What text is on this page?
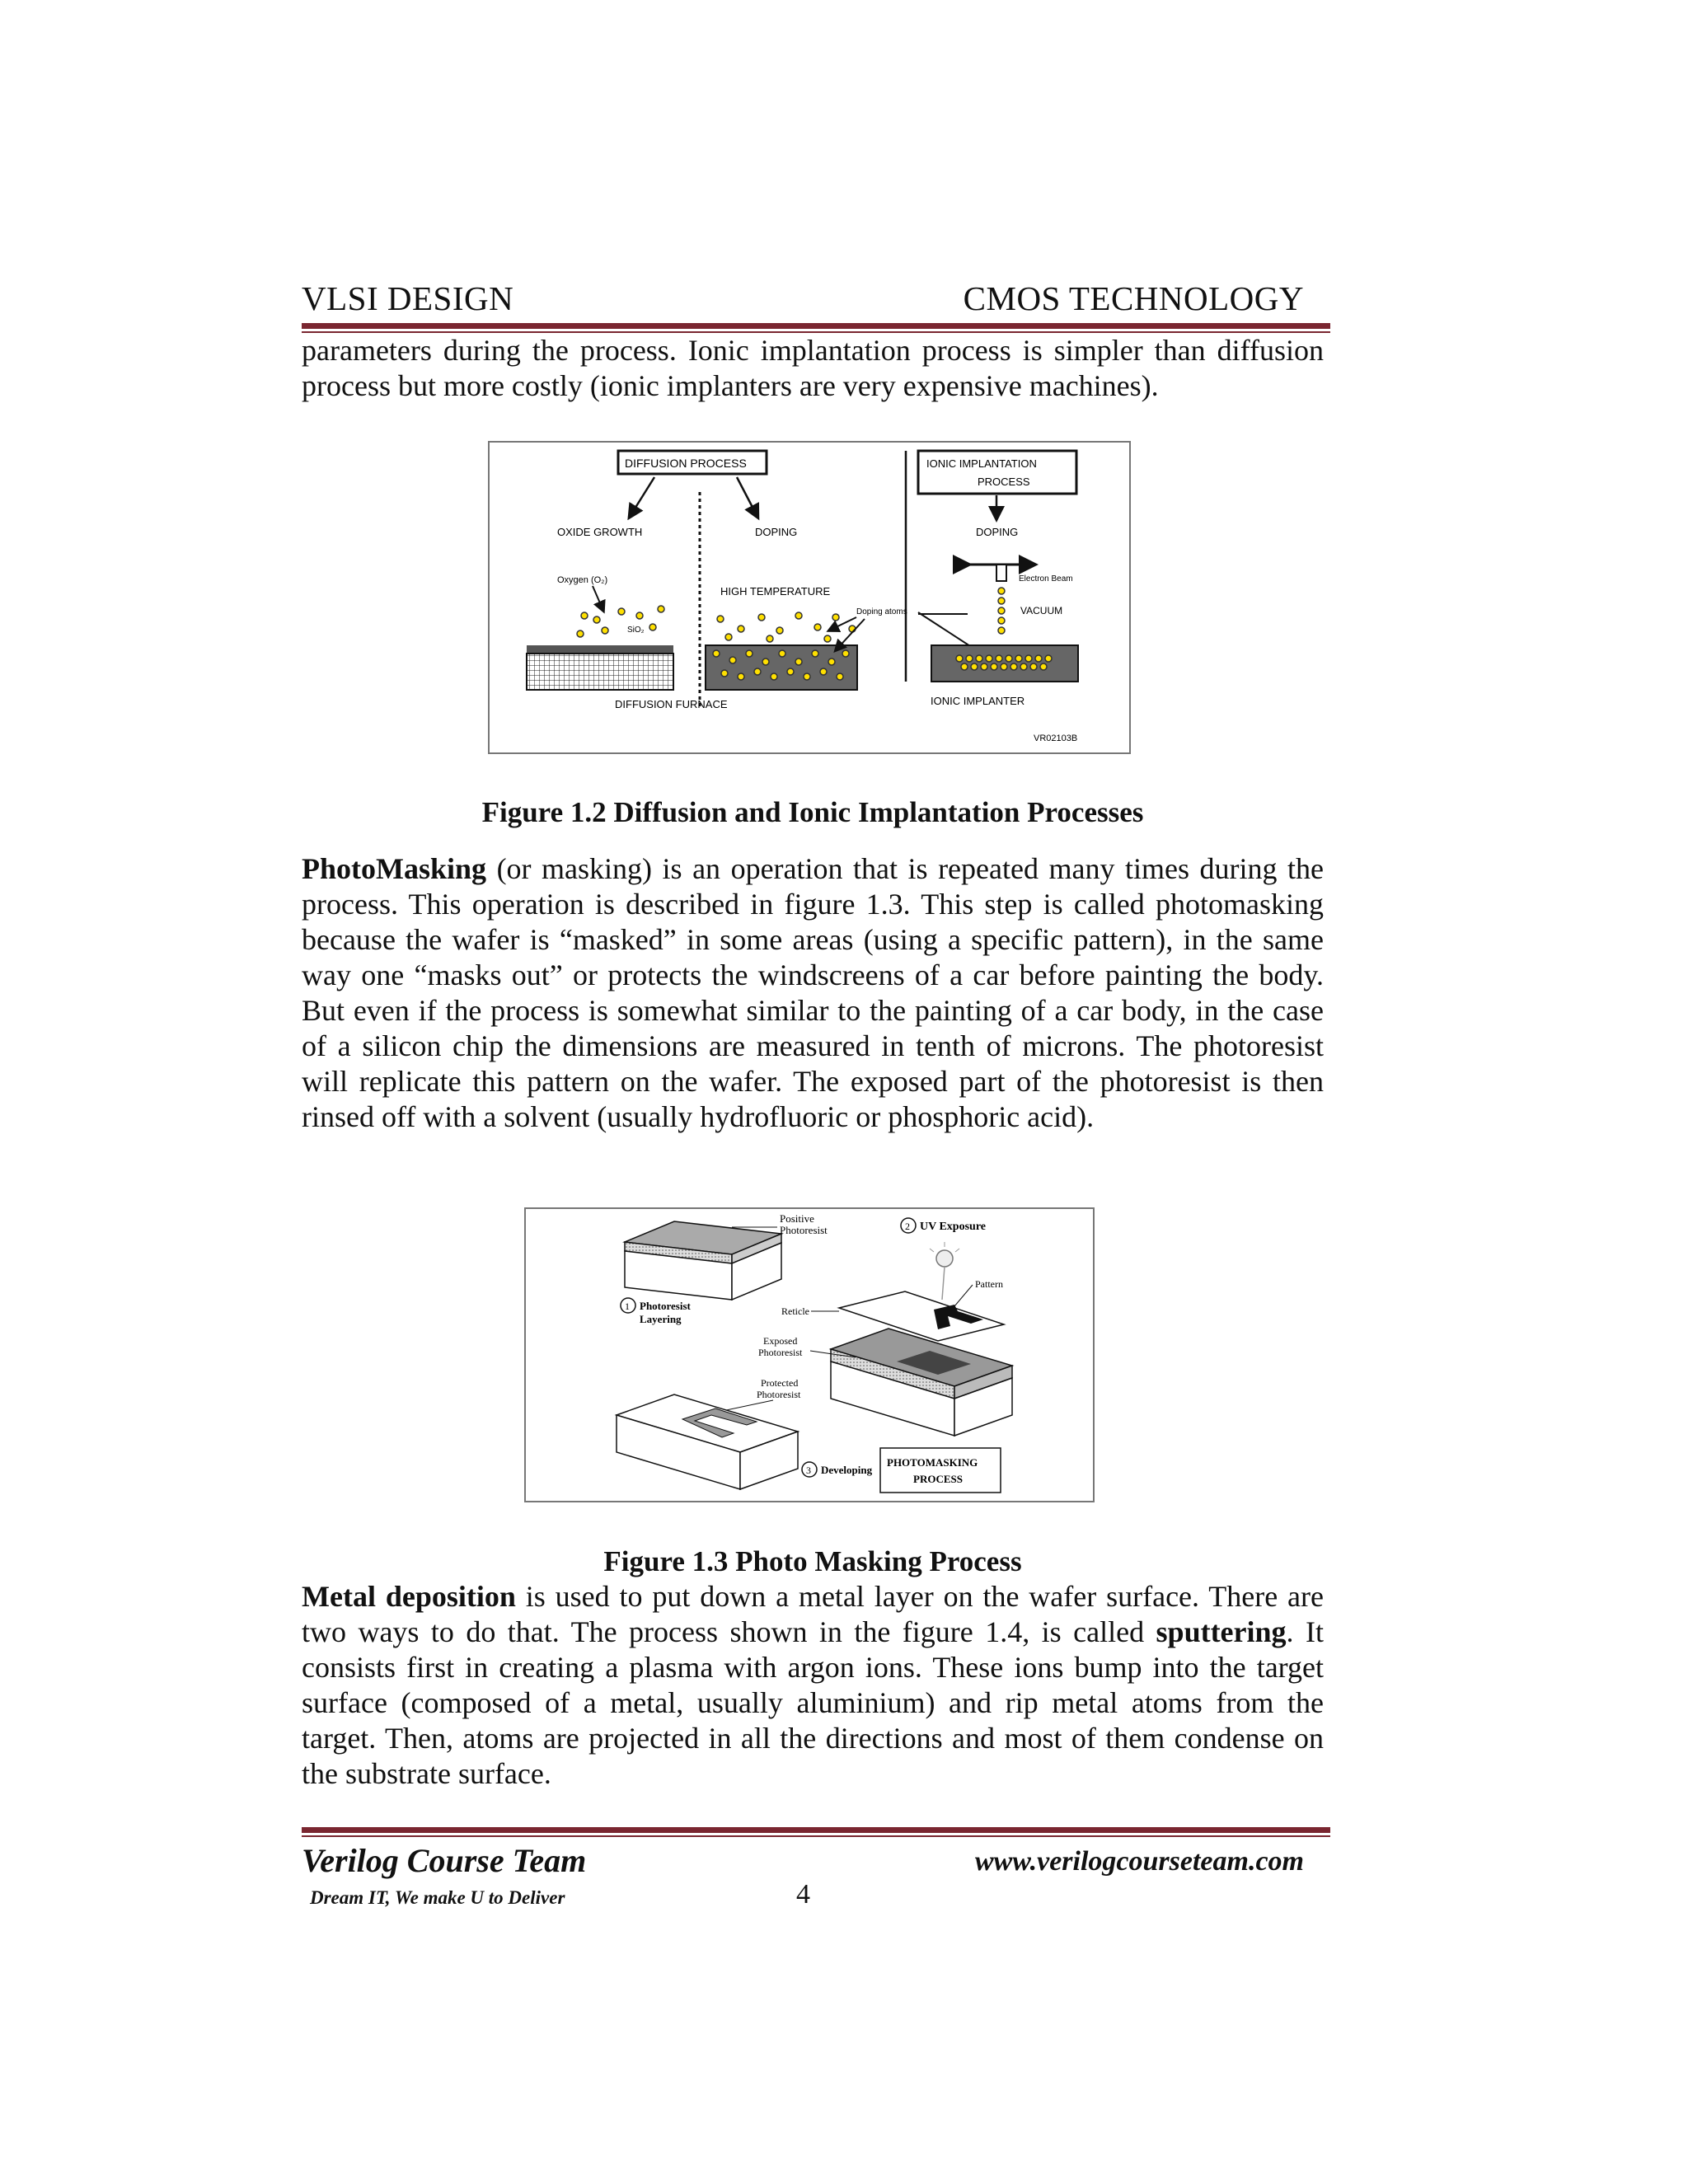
VLSI DESIGN	CMOS TECHNOLOGY

parameters during the process. Ionic implantation process is simpler than diffusion process but more costly (ionic implanters are very expensive machines).

DIFFUSION PROCESS	IONIC IMPLANTATION
PROCESS
OXIDE GROWTH	DOPING	DOPING
Oxygen (O₂)
SiO₂
HIGH TEMPERATURE
Doping atoms
Electron Beam
VACUUM
DIFFUSION FURNACE	IONIC IMPLANTER
VR02103B
Figure 1.2 Diffusion and Ionic Implantation Processes

PhotoMasking (or masking) is an operation that is repeated many times during the process. This operation is described in figure 1.3. This step is called photomasking because the wafer is “masked” in some areas (using a specific pattern), in the same way one “masks out” or protects the windscreens of a car before painting the body. But even if the process is somewhat similar to the painting of a car body, in the case of a silicon chip the dimensions are measured in tenth of microns. The photoresist will replicate this pattern on the wafer. The exposed part of the photoresist is then rinsed off with a solvent (usually hydrofluoric or phosphoric acid).

Positive
Photoresist	2 UV Exposure
Pattern
Reticle
1 Photoresist
Layering
Exposed
Photoresist
Protected
Photoresist
3 Developing
PHOTOMASKING
PROCESS
Figure 1.3 Photo Masking Process

Metal deposition is used to put down a metal layer on the wafer surface. There are two ways to do that. The process shown in the figure 1.4, is called sputtering. It consists first in creating a plasma with argon ions. These ions bump into the target surface (composed of a metal, usually aluminium) and rip metal atoms from the target. Then, atoms are projected in all the directions and most of them condense on the substrate surface.

Verilog Course Team	www.verilogcourseteam.com
Dream IT, We make U to Deliver	4
